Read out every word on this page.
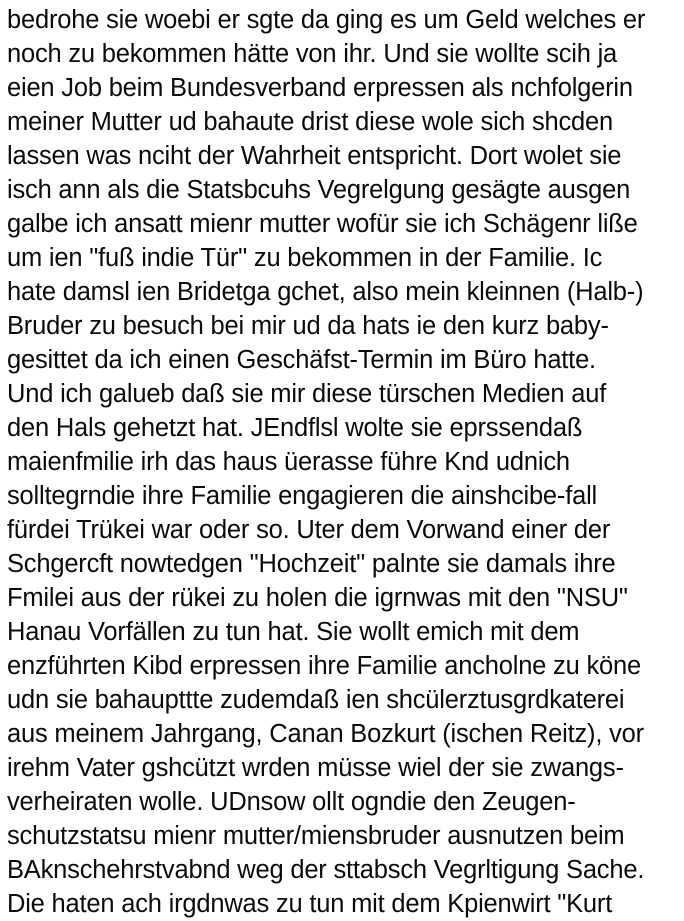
bedrohe sie woebi er sgte da ging es um Geld welches er
noch zu bekommen hätte von ihr. Und sie wollte scih ja
eien Job beim Bundesverband erpressen als nchfolgerin
meiner Mutter ud bahaute drist diese wole sich shcden
lassen was nciht der Wahrheit entspricht. Dort wolet sie
isch ann als die Statsbcuhs Vegrelgung gesägte ausgen
galbe ich ansatt mienr mutter wofür sie ich Schägenr liße
um ien "fuß indie Tür" zu bekommen in der Familie. Ic
hate damsl ien Bridetga gchet, also mein kleinnen (Halb-)
Bruder zu besuch bei mir ud da hats ie den kurz baby-
gesittet da ich einen Geschäfst-Termin im Büro hatte.
Und ich galueb daß sie mir diese türschen Medien auf
den Hals gehetzt hat. JEndflsl wolte sie eprssendaß
maienfmilie irh das haus üerasse führe Knd udnich
solltegrndie ihre Familie engagieren die ainshcibe-fall
fürdei Trükei war oder so. Uter dem Vorwand einer der
Schgercft nowtedgen "Hochzeit" palnte sie damals ihre
Fmilei aus der rükei zu holen die igrnwas mit den "NSU"
Hanau Vorfällen zu tun hat. Sie wollt emich mit dem
enzführten Kibd erpressen ihre Familie ancholne zu köne
udn sie bahaupttte zudemdaß ien shcülerztusgrdkaterei
aus meinem Jahrgang, Canan Bozkurt (ischen Reitz), vor
irehm Vater gshcützt wrden müsse wiel der sie zwangs-
verheiraten wolle. UDnsow ollt ogndie den Zeugen-
schutzstatsu mienr mutter/miensbruder ausnutzen beim
BAknschehrstvabnd weg der sttabsch Vegrltigung Sache.
Die haten ach irgdnwas zu tun mit dem Kpienwirt "Kurt
